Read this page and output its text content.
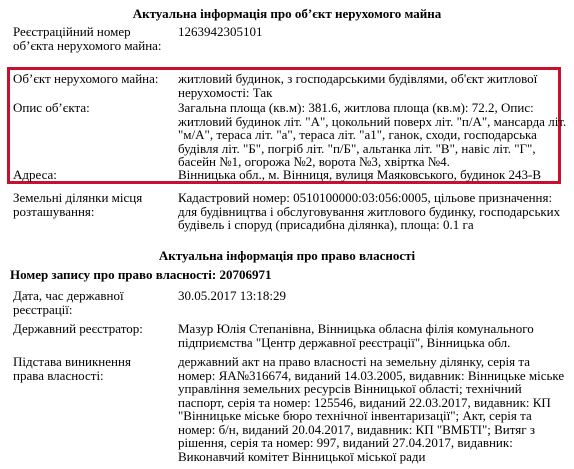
Актуальна інформація про об’єкт нерухомого майна
Реєстраційний номер об’єкта нерухомого майна:
1263942305101
Об’єкт нерухомого майна:	житловий будинок, з господарськими будівлями, об'єкт житлової нерухомості: Так
Опис об’єкта:	Загальна площа (кв.м): 381.6, житлова площа (кв.м): 72.2, Опис: житловий будинок літ. "А", цокольний поверх літ. "п/А", мансарда літ. "м/А", тераса літ. "а", тераса літ. "а1", ганок, сходи, господарська будівля літ. "Б", погріб літ. "п/Б", альтанка літ. "В", навіс літ. "Г", басейн №1, огорожа №2, ворота №3, хвіртка №4.
Адреса:	Вінницька обл., м. Вінниця, вулиця Маяковського, будинок 243-В
Земельні ділянки місця розташування:
Кадастровий номер: 0510100000:03:056:0005, цільове призначення: для будівництва і обслуговування житлового будинку, господарських будівель і споруд (присадибна ділянка), площа: 0.1 га
Актуальна інформація про право власності
Номер запису про право власності: 20706971
Дата, час державної реєстрації:
30.05.2017 13:18:29
Державний реєстратор:	Мазур Юлія Степанівна, Вінницька обласна філія комунального підприємства "Центр державної реєстрації", Вінницька обл.
Підстава виникнення права власності:
державний акт на право власності на земельну ділянку, серія та номер: ЯА№316674, виданий 14.03.2005, видавник: Вінницьке міське управління земельних ресурсів Вінницької області; технічний паспорт, серія та номер: 125546, виданий 22.03.2017, видавник: КП "Вінницьке міське бюро технічної інвентаризації"; Акт, серія та номер: б/н, виданий 20.04.2017, видавник: КП "ВМБТІ"; Витяг з рішення, серія та номер: 997, виданий 27.04.2017, видавник: Виконавчий комітет Вінницької міської ради
